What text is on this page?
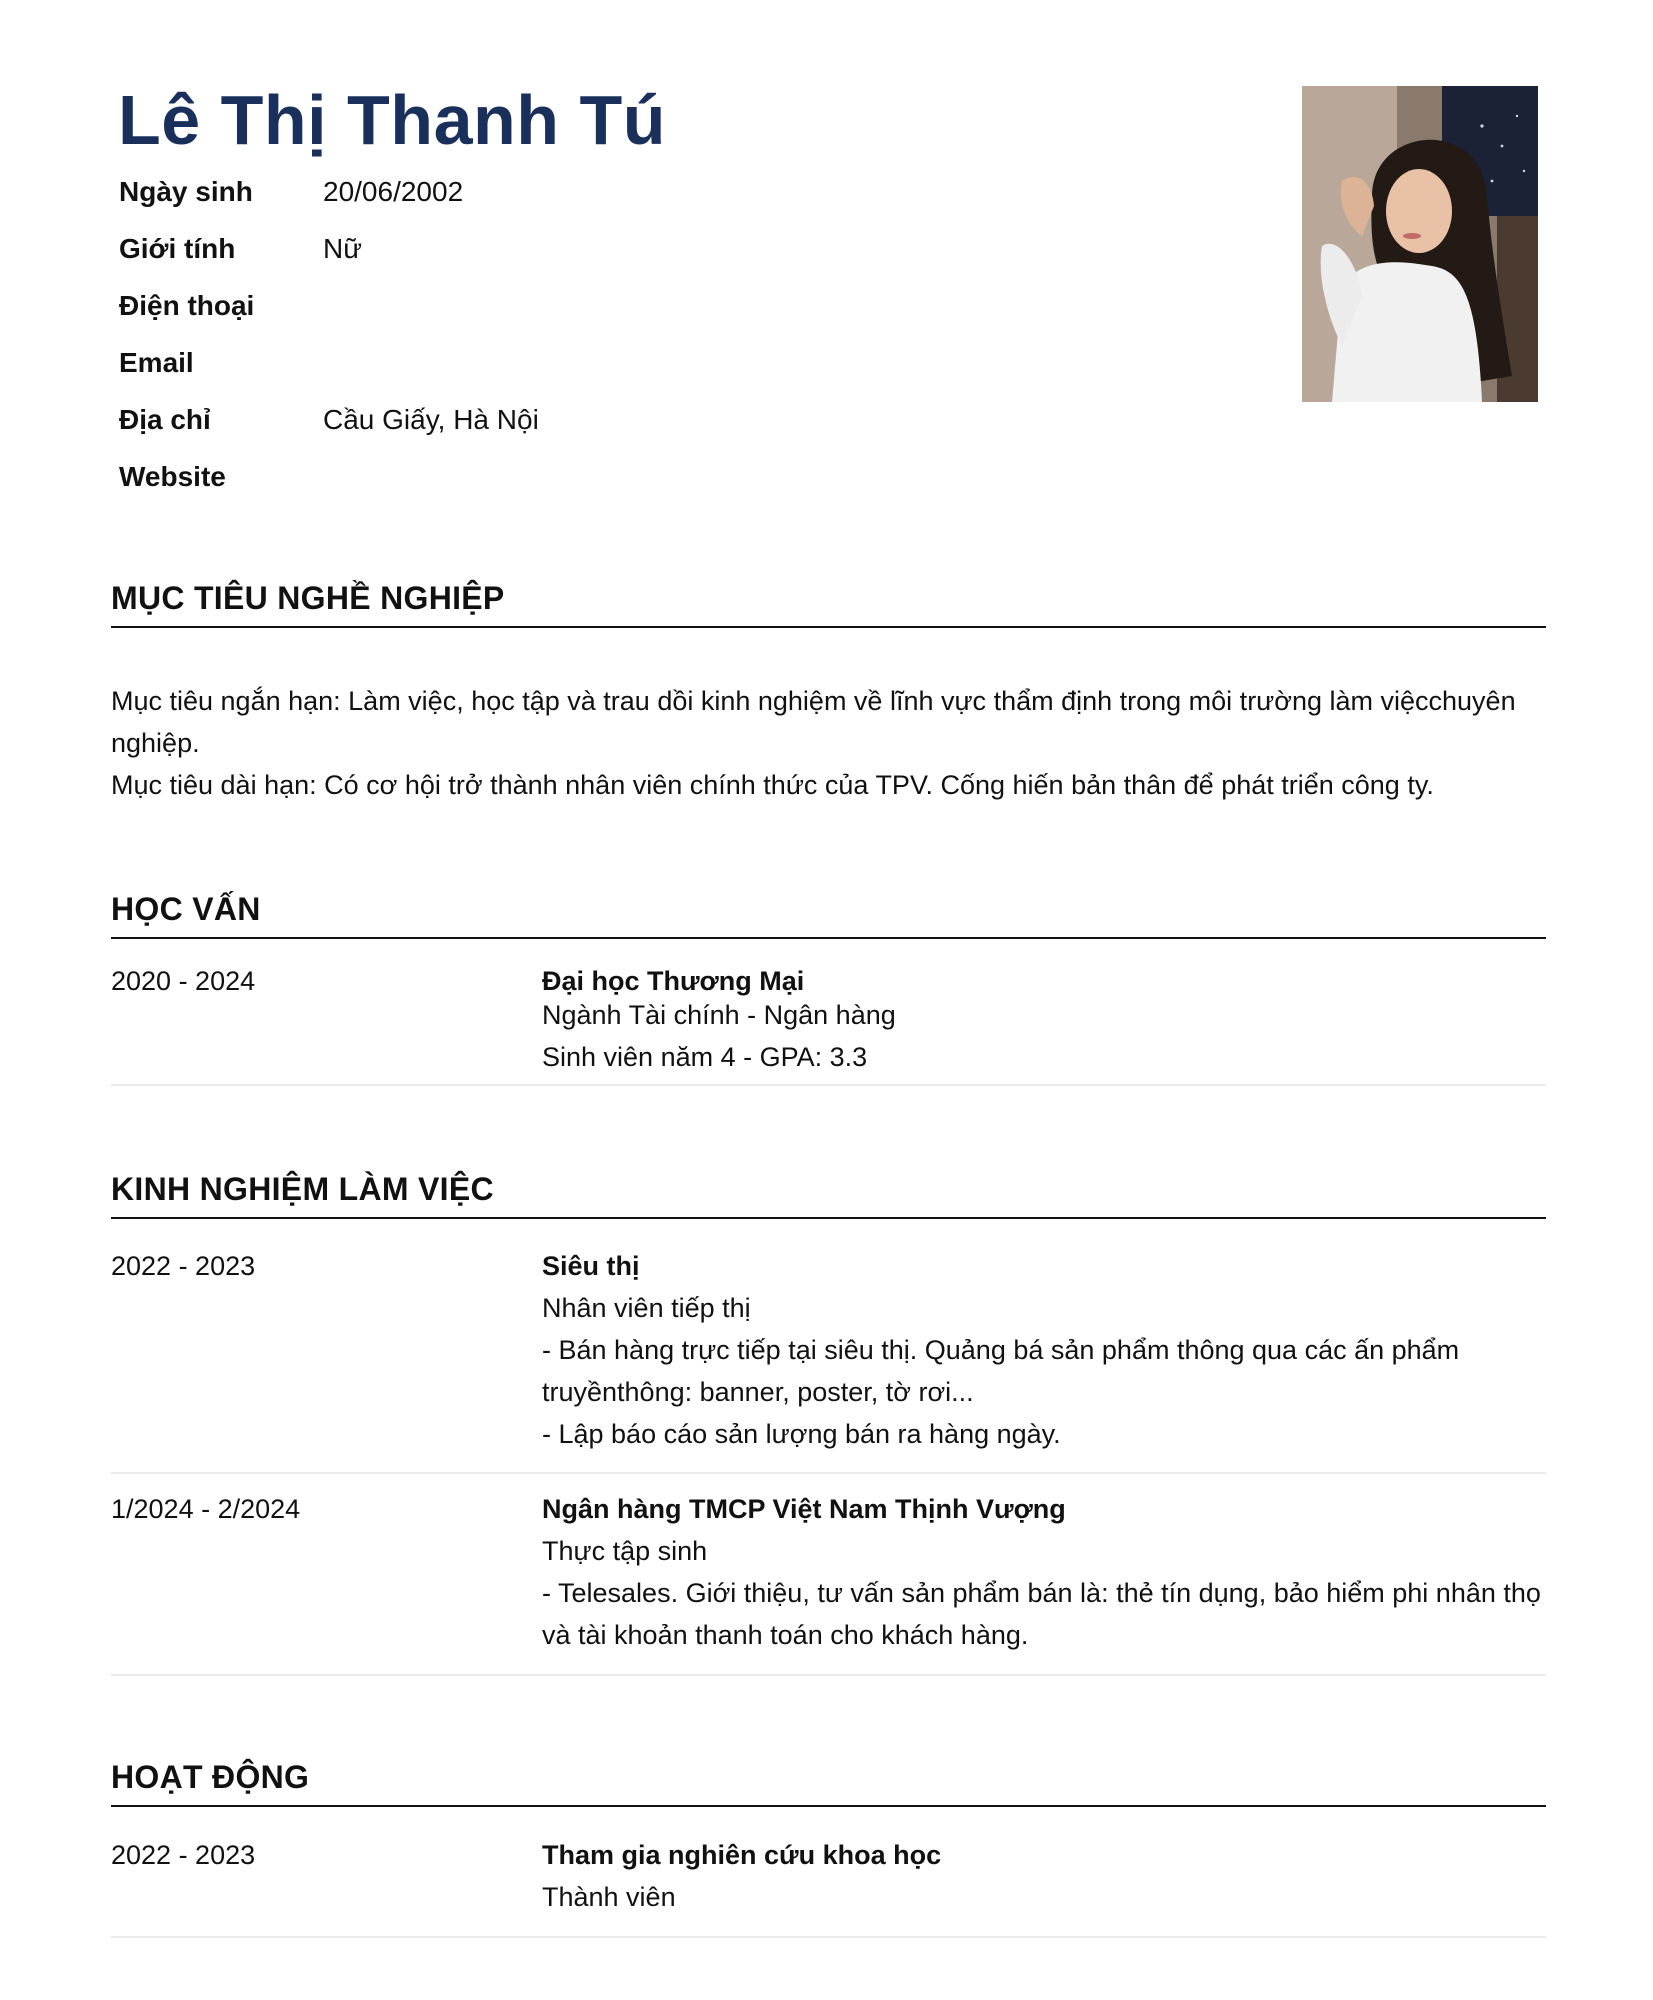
Lê Thị Thanh Tú
Ngày sinh	20/06/2002
Giới tính	Nữ
Điện thoại
Email
Địa chỉ	Cầu Giấy, Hà Nội
Website
MỤC TIÊU NGHỀ NGHIỆP
Mục tiêu ngắn hạn: Làm việc, học tập và trau dồi kinh nghiệm về lĩnh vực thẩm định trong môi trường làm việcchuyên nghiệp.
Mục tiêu dài hạn: Có cơ hội trở thành nhân viên chính thức của TPV. Cống hiến bản thân để phát triển công ty.
HỌC VẤN
2020 - 2024	Đại học Thương Mại
Ngành Tài chính - Ngân hàng
Sinh viên năm 4 - GPA: 3.3
KINH NGHIỆM LÀM VIỆC
2022 - 2023	Siêu thị
Nhân viên tiếp thị
- Bán hàng trực tiếp tại siêu thị. Quảng bá sản phẩm thông qua các ấn phẩm truyềnthông: banner, poster, tờ rơi...
- Lập báo cáo sản lượng bán ra hàng ngày.
1/2024 - 2/2024	Ngân hàng TMCP Việt Nam Thịnh Vượng
Thực tập sinh
- Telesales. Giới thiệu, tư vấn sản phẩm bán là: thẻ tín dụng, bảo hiểm phi nhân thọ và tài khoản thanh toán cho khách hàng.
HOẠT ĐỘNG
2022 - 2023	Tham gia nghiên cứu khoa học
Thành viên
